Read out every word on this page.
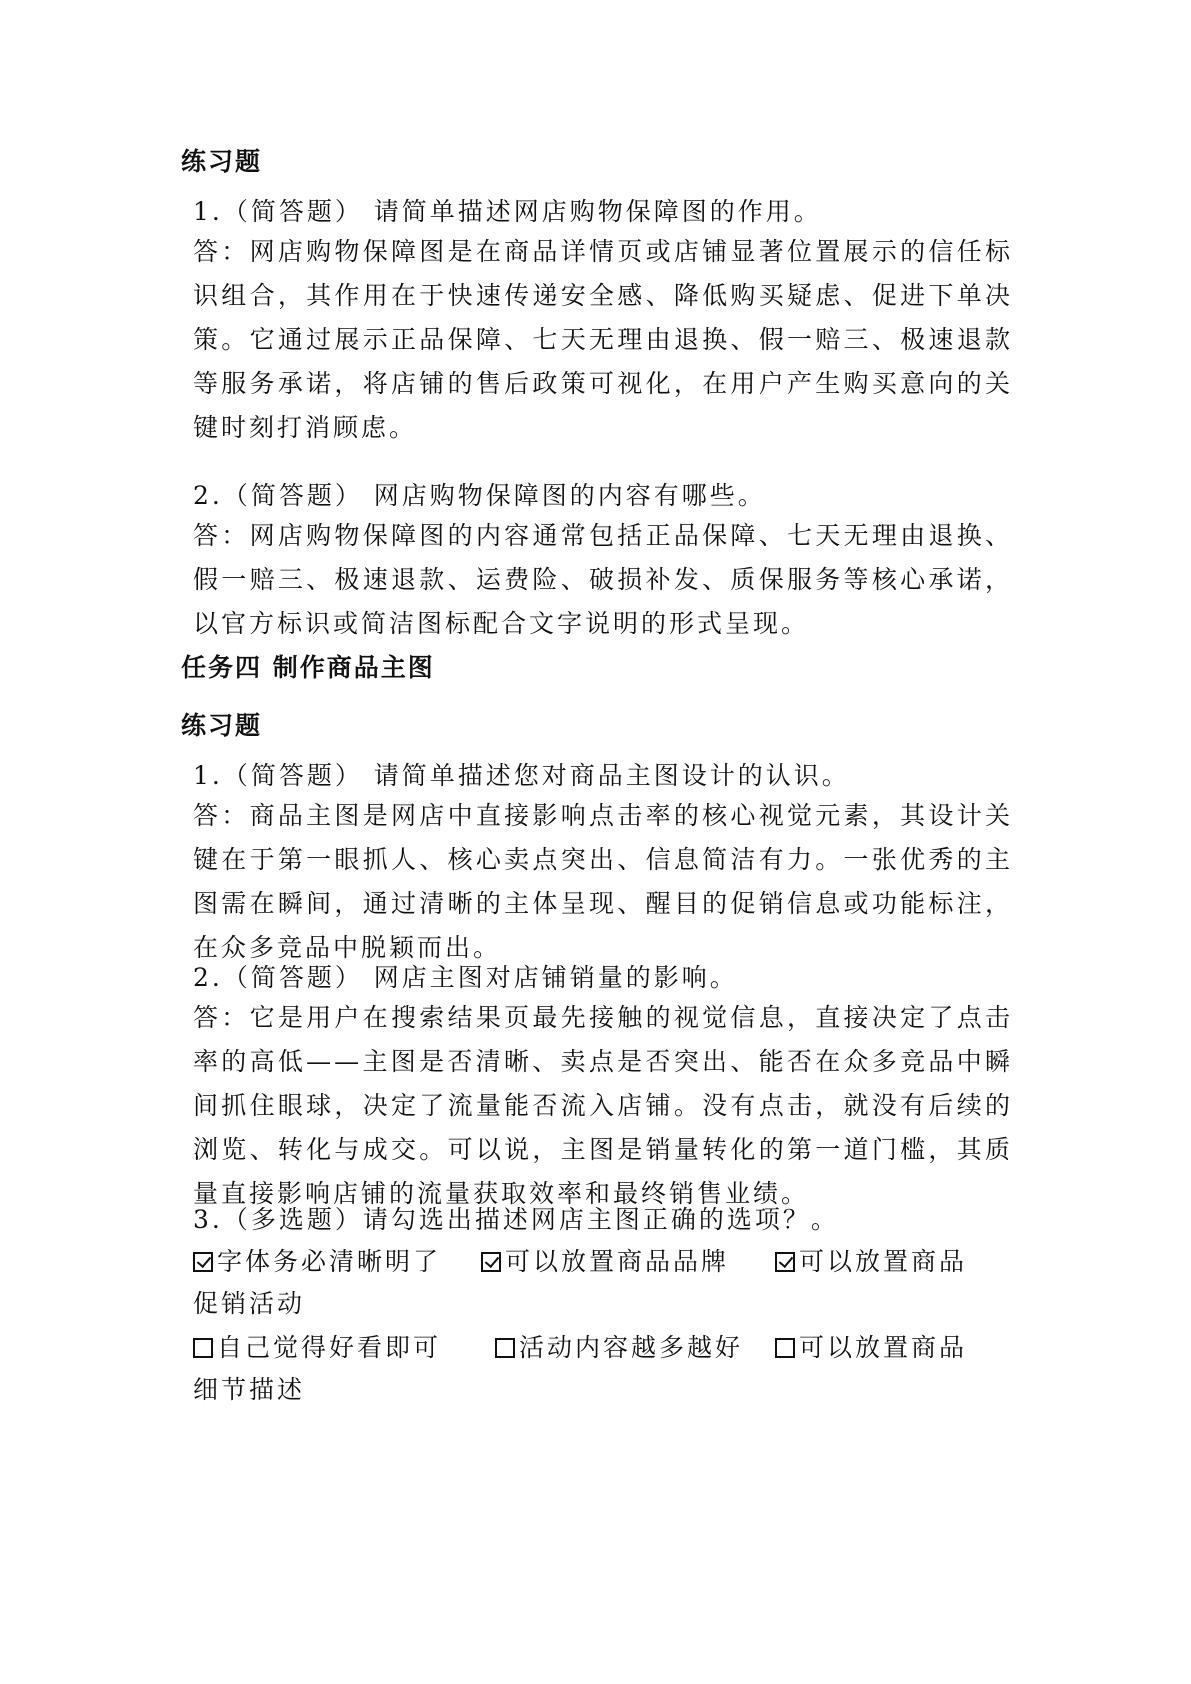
练习题
1.（简答题） 请简单描述网店购物保障图的作用。

答：网店购物保障图是在商品详情页或店铺显著位置展示的信任标识组合，其作用在于快速传递安全感、降低购买疑虑、促进下单决策。它通过展示正品保障、七天无理由退换、假一赔三、极速退款等服务承诺，将店铺的售后政策可视化，在用户产生购买意向的关键时刻打消顾虑。

2.（简答题） 网店购物保障图的内容有哪些。

答：网店购物保障图的内容通常包括正品保障、七天无理由退换、假一赔三、极速退款、运费险、破损补发、质保服务等核心承诺，以官方标识或简洁图标配合文字说明的形式呈现。

任务四 制作商品主图
练习题
1.（简答题） 请简单描述您对商品主图设计的认识。

答：商品主图是网店中直接影响点击率的核心视觉元素，其设计关键在于第一眼抓人、核心卖点突出、信息简洁有力。一张优秀的主图需在瞬间，通过清晰的主体呈现、醒目的促销信息或功能标注，在众多竞品中脱颖而出。

2.（简答题） 网店主图对店铺销量的影响。

答：它是用户在搜索结果页最先接触的视觉信息，直接决定了点击率的高低——主图是否清晰、卖点是否突出、能否在众多竞品中瞬间抓住眼球，决定了流量能否流入店铺。没有点击，就没有后续的浏览、转化与成交。可以说，主图是销量转化的第一道门槛，其质量直接影响店铺的流量获取效率和最终销售业绩。

3.（多选题）请勾选出描述网店主图正确的选项？。
字体务必清晰明了	可以放置商品品牌	可以放置商品
促销活动
自己觉得好看即可	活动内容越多越好	可以放置商品
细节描述
